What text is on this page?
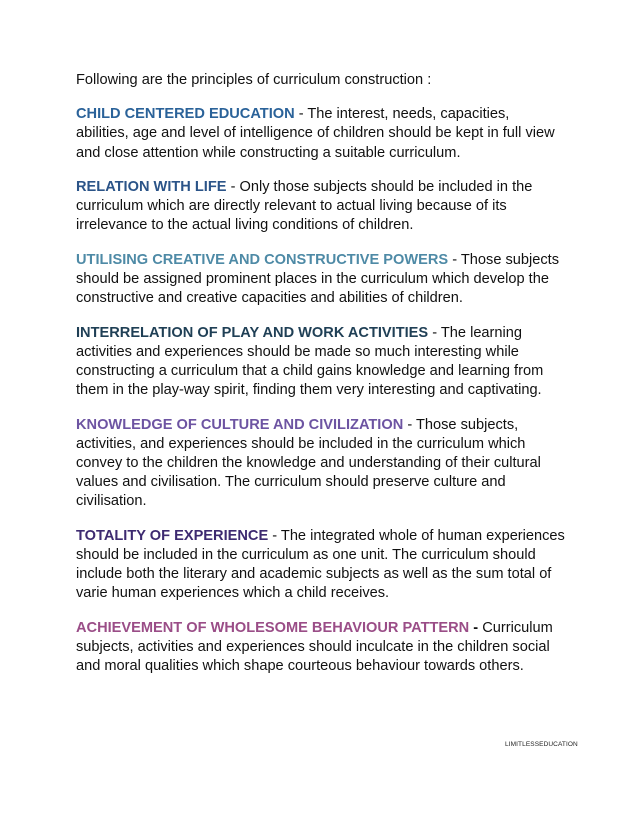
Following are the principles of curriculum construction :

CHILD CENTERED EDUCATION - The interest, needs, capacities, abilities, age and level of intelligence of children should be kept in full view and close attention while constructing a suitable curriculum.

RELATION WITH LIFE - Only those subjects should be included in the curriculum which are directly relevant to actual living because of its irrelevance to the actual living conditions of children.

UTILISING CREATIVE AND CONSTRUCTIVE POWERS - Those subjects should be assigned prominent places in the curriculum which develop the constructive and creative capacities and abilities of children.

INTERRELATION OF PLAY AND WORK ACTIVITIES - The learning activities and experiences should be made so much interesting while constructing a curriculum that a child gains knowledge and learning from them in the play-way spirit, finding them very interesting and captivating.

KNOWLEDGE OF CULTURE AND CIVILIZATION - Those subjects, activities, and experiences should be included in the curriculum which convey to the children the knowledge and understanding of their cultural values and civilisation. The curriculum should preserve culture and civilisation.

TOTALITY OF EXPERIENCE - The integrated whole of human experiences should be included in the curriculum as one unit. The curriculum should include both the literary and academic subjects as well as the sum total of varie human experiences which a child receives.

ACHIEVEMENT OF WHOLESOME BEHAVIOUR PATTERN - Curriculum subjects, activities and experiences should inculcate in the children social and moral qualities which shape courteous behaviour towards others.

LIMITLESSEDUCATION
